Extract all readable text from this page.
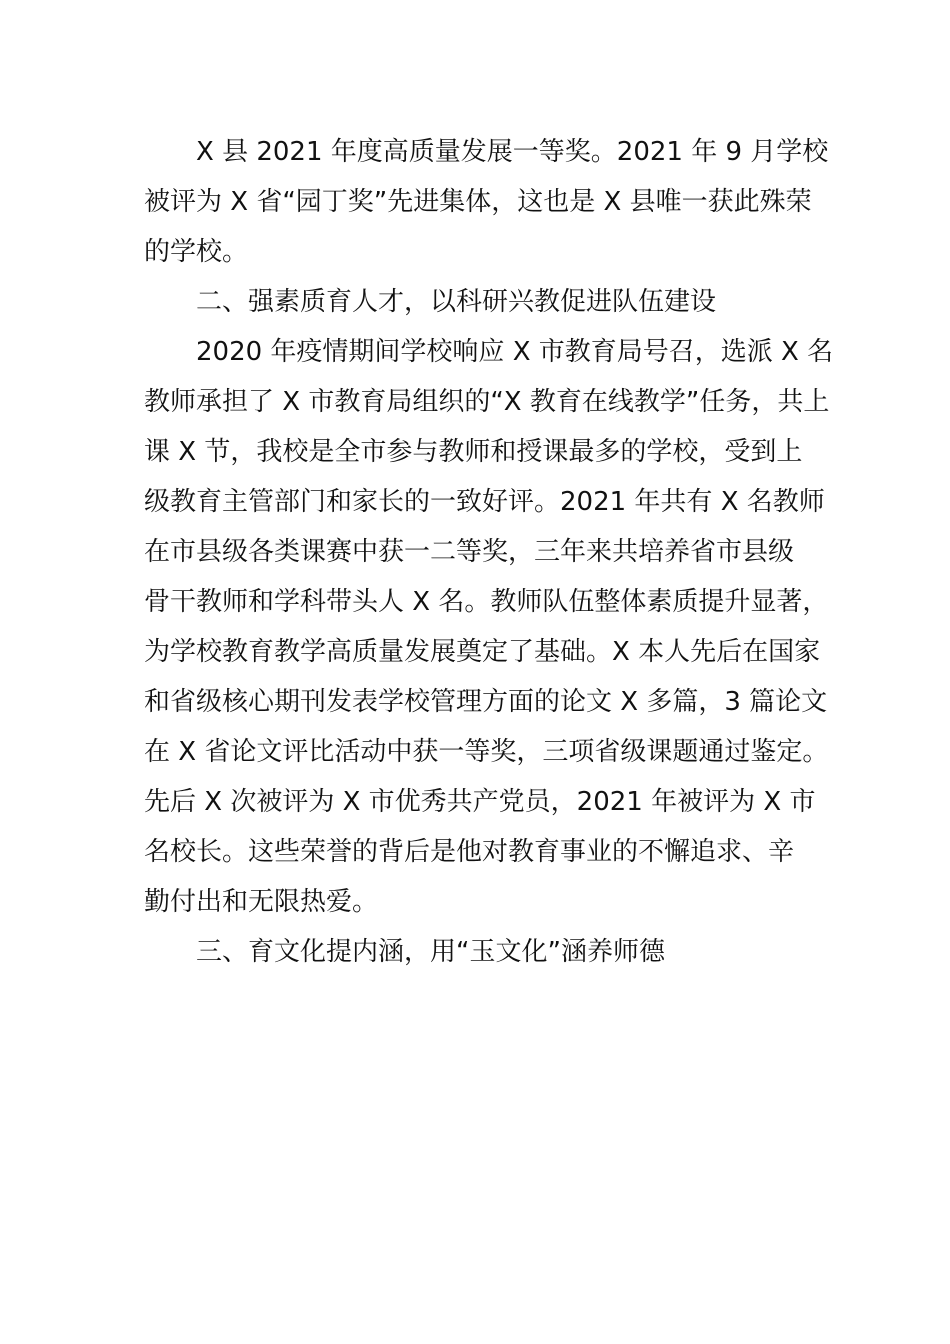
X 县 2021 年度高质量发展一等奖。2021 年 9 月学校
被评为 X 省“园丁奖”先进集体，这也是 X 县唯一获此殊荣
的学校。
二、强素质育人才，以科研兴教促进队伍建设
2020 年疫情期间学校响应 X 市教育局号召，选派 X 名
教师承担了 X 市教育局组织的“X 教育在线教学”任务，共上
课 X 节，我校是全市参与教师和授课最多的学校，受到上
级教育主管部门和家长的一致好评。2021 年共有 X 名教师
在市县级各类课赛中获一二等奖，三年来共培养省市县级
骨干教师和学科带头人 X 名。教师队伍整体素质提升显著，
为学校教育教学高质量发展奠定了基础。X 本人先后在国家
和省级核心期刊发表学校管理方面的论文 X 多篇，3 篇论文
在 X 省论文评比活动中获一等奖，三项省级课题通过鉴定。
先后 X 次被评为 X 市优秀共产党员，2021 年被评为 X 市
名校长。这些荣誉的背后是他对教育事业的不懈追求、辛
勤付出和无限热爱。
三、育文化提内涵，用“玉文化”涵养师德
